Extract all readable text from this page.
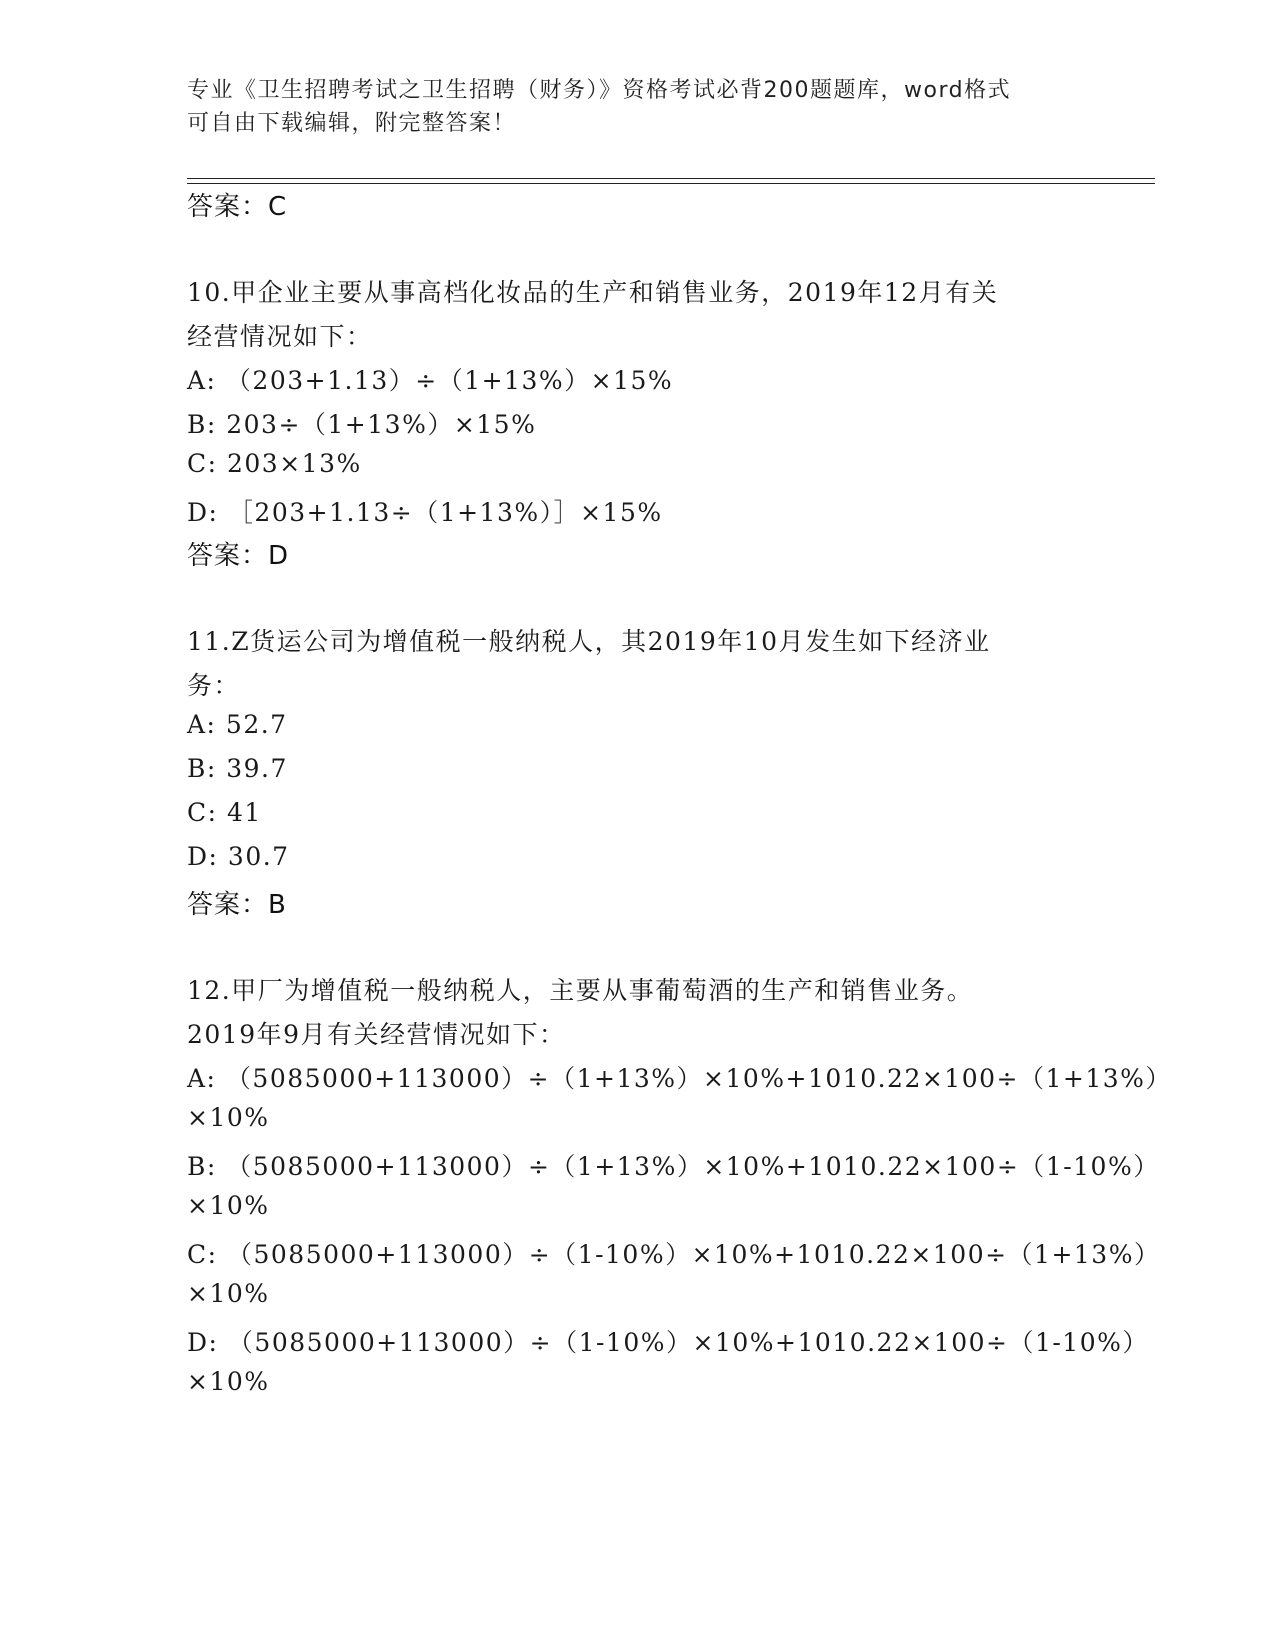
专业《卫生招聘考试之卫生招聘（财务）》资格考试必背200题题库，word格式
可自由下载编辑，附完整答案！
答案：C
10.甲企业主要从事高档化妆品的生产和销售业务，2019年12月有关
经营情况如下：
A: （203+1.13）÷（1+13%）×15%
B: 203÷（1+13%）×15%
C: 203×13%
D: ［203+1.13÷（1+13%）］×15%
答案：D
11.Z货运公司为增值税一般纳税人，其2019年10月发生如下经济业
务：
A: 52.7
B: 39.7
C: 41
D: 30.7
答案：B
12.甲厂为增值税一般纳税人，主要从事葡萄酒的生产和销售业务。
2019年9月有关经营情况如下：
A: （5085000+113000）÷（1+13%）×10%+1010.22×100÷（1+13%）
×10%
B: （5085000+113000）÷（1+13%）×10%+1010.22×100÷（1-10%）
×10%
C: （5085000+113000）÷（1-10%）×10%+1010.22×100÷（1+13%）
×10%
D: （5085000+113000）÷（1-10%）×10%+1010.22×100÷（1-10%）
×10%
